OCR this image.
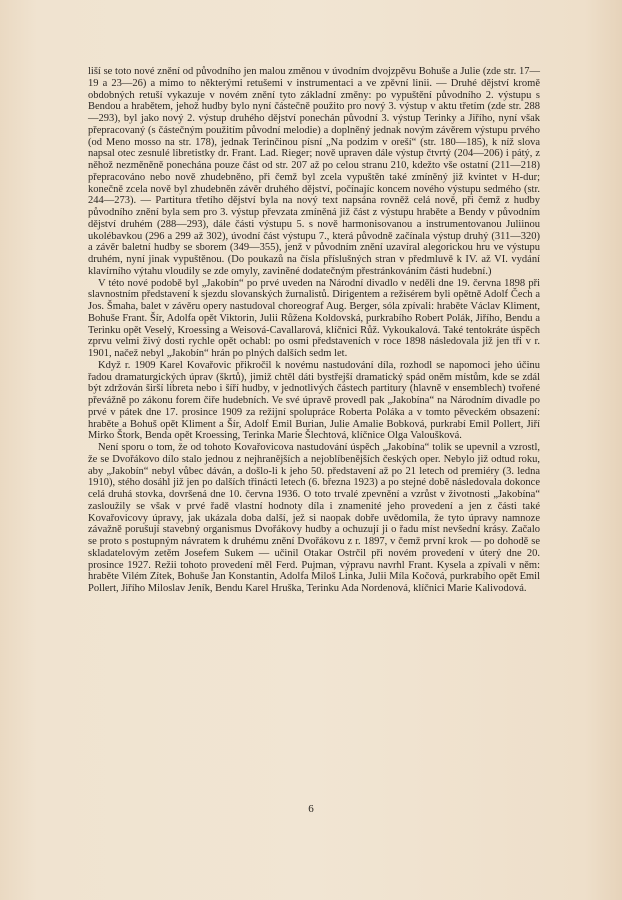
liší se toto nové znění od původního jen malou změnou v úvodním dvojzpěvu Bohuše a Julie (zde str. 17—19 a 23—26) a mimo to některými retušemi v instrumentaci a ve zpěvní linii. — Druhé dějství kromě obdobných retuší vykazuje v novém znění tyto základní změny: po vypuštění původního 2. výstupu s Bendou a hrabětem, jehož hudby bylo nyní částečně použito pro nový 3. výstup v aktu třetím (zde str. 288—293), byl jako nový 2. výstup druhého dějství ponechán původní 3. výstup Terinky a Jiřího, nyní však přepracovaný (s částečným použitím původní melodie) a doplněný jednak novým závěrem výstupu prvého (od Meno mosso na str. 178), jednak Terinčinou písní „Na podzim v oreší“ (str. 180—185), k níž slova napsal otec zesnulé libretistky dr. Frant. Lad. Rieger; nově upraven dále výstup čtvrtý (204—206) i pátý, z něhož nezměněně ponechána pouze část od str. 207 až po celou stranu 210, kdežto vše ostatní (211—218) přepracováno nebo nově zhudebněno, při čemž byl zcela vypuštěn také zmíněný již kvintet v H-dur; konečně zcela nově byl zhudebněn závěr druhého dějství, počínajíc koncem nového výstupu sedmého (str. 244—273). — Partitura třetího dějství byla na nový text napsána rovněž celá nově, při čemž z hudby původního znění byla sem pro 3. výstup převzata zmíněná již část z výstupu hraběte a Bendy v původním dějství druhém (288—293), dále části výstupu 5. s nově harmonisovanou a instrumentovanou Juliinou ukolébavkou (296 a 299 až 302), úvodní část výstupu 7., která původně začínala výstup druhý (311—320) a závěr baletní hudby se sborem (349—355), jenž v původním znění uzavíral alegorickou hru ve výstupu druhém, nyní jinak vypuštěnou. (Do poukazů na čísla příslušných stran v předmluvě k IV. až VI. vydání klavírního výtahu vloudily se zde omyly, zaviněné dodatečným přestránkováním části hudební.)

V této nové podobě byl „Jakobín“ po prvé uveden na Národní divadlo v neděli dne 19. června 1898 při slavnostním představení k sjezdu slovanských žurnalistů. Dirigentem a režisérem byli opětně Adolf Čech a Jos. Šmaha, balet v závěru opery nastudoval choreograf Aug. Berger, sóla zpívali: hraběte Václav Kliment, Bohuše Frant. Šír, Adolfa opět Viktorin, Julii Růžena Koldovská, purkrabího Robert Polák, Jiřího, Bendu a Terinku opět Veselý, Kroessing a Weisová-Cavallarová, klíčnici Růž. Vykoukalová. Také tentokráte úspěch zprvu velmi živý dosti rychle opět ochabl: po osmi představeních v roce 1898 následovala již jen tři v r. 1901, načež nebyl „Jakobín“ hrán po plných dalších sedm let.

Když r. 1909 Karel Kovařovic přikročil k novému nastudování díla, rozhodl se napomoci jeho účinu řadou dramaturgických úprav (škrtů), jimiž chtěl dáti bystřejší dramatický spád oněm místům, kde se zdál být zdržován širší libreta nebo i šíří hudby, v jednotlivých částech partitury (hlavně v ensemblech) tvořené převážně po zákonu forem čiře hudebních. Ve své úpravě provedl pak „Jakobína“ na Národním divadle po prvé v pátek dne 17. prosince 1909 za režijní spolupráce Roberta Poláka a v tomto pěveckém obsazení: hraběte a Bohuš opět Kliment a Šír, Adolf Emil Burian, Julie Amalie Bobková, purkrabí Emil Pollert, Jiří Mirko Štork, Benda opět Kroessing, Terinka Marie Šlechtová, klíčnice Olga Valoušková.

Není sporu o tom, že od tohoto Kovařovicova nastudování úspěch „Jakobína“ tolik se upevnil a vzrostl, že se Dvořákovo dílo stalo jednou z nejhranějších a nejoblíbenějších českých oper. Nebylo již odtud roku, aby „Jakobín“ nebyl vůbec dáván, a došlo-li k jeho 50. představení až po 21 letech od premiéry (3. ledna 1910), stého dosáhl již jen po dalších třinácti letech (6. března 1923) a po stejné době následovala dokonce celá druhá stovka, dovršená dne 10. června 1936. O toto trvalé zpevnění a vzrůst v životnosti „Jakobína“ zasloužily se však v prvé řadě vlastní hodnoty díla i znamenité jeho provedení a jen z části také Kovařovicovy úpravy, jak ukázala doba další, jež si naopak dobře uvědomila, že tyto úpravy namnoze závažně porušují stavebný organismus Dvořákovy hudby a ochuzují ji o řadu míst nevšední krásy. Začalo se proto s postupným návratem k druhému znění Dvořákovu z r. 1897, v čemž první krok — po dohodě se skladatelovým zetěm Josefem Sukem — učinil Otakar Ostrčil při novém provedení v úterý dne 20. prosince 1927. Režii tohoto provedení měl Ferd. Pujman, výpravu navrhl Frant. Kysela a zpívali v něm: hraběte Vilém Zítek, Bohuše Jan Konstantin, Adolfa Miloš Linka, Julii Míla Kočová, purkrabího opět Emil Pollert, Jiřího Miloslav Jeník, Bendu Karel Hruška, Terinku Ada Nordenová, klíčnici Marie Kalivodová.

6
